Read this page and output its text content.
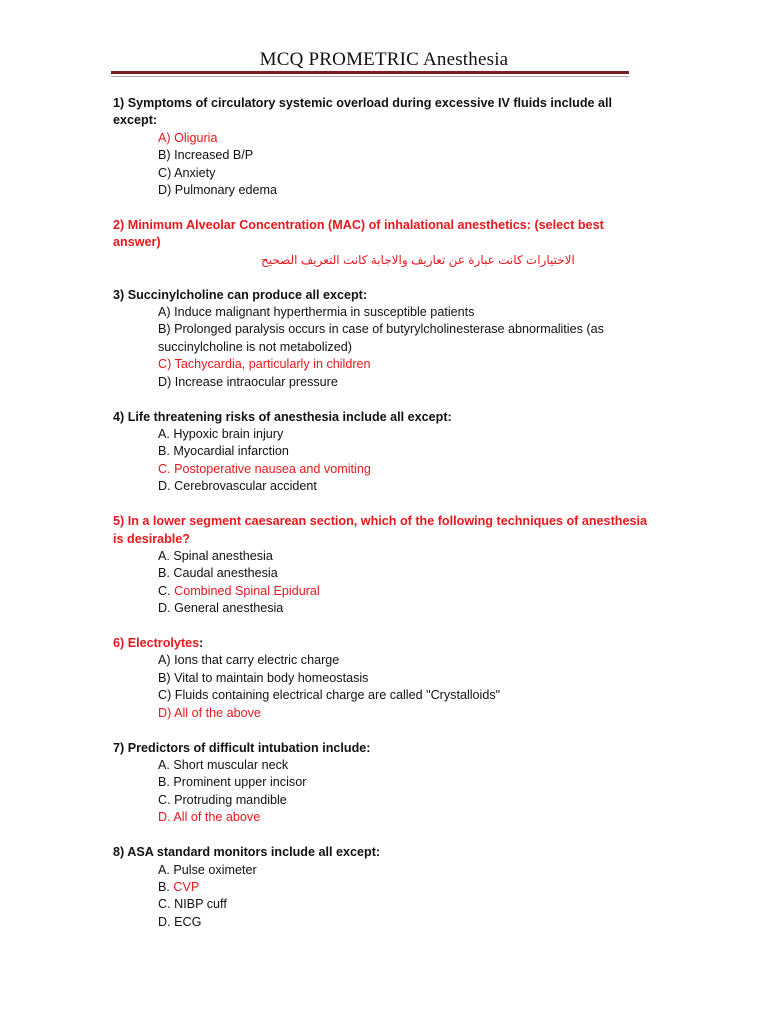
MCQ PROMETRIC Anesthesia
1) Symptoms of circulatory systemic overload during excessive IV fluids include all except:
A) Oliguria
B) Increased B/P
C) Anxiety
D) Pulmonary edema
2) Minimum Alveolar Concentration (MAC) of inhalational anesthetics: (select best answer)
الاختيارات كانت عبارة عن تعاريف والاجابة كانت التعريف الصحيح
3) Succinylcholine can produce all except:
A) Induce malignant hyperthermia in susceptible patients
B) Prolonged paralysis occurs in case of butyrylcholinesterase abnormalities (as succinylcholine is not metabolized)
C) Tachycardia, particularly in children
D) Increase intraocular pressure
4) Life threatening risks of anesthesia include all except:
A. Hypoxic brain injury
B. Myocardial infarction
C. Postoperative nausea and vomiting
D. Cerebrovascular accident
5) In a lower segment caesarean section, which of the following techniques of anesthesia is desirable?
A. Spinal anesthesia
B. Caudal anesthesia
C. Combined Spinal Epidural
D. General anesthesia
6) Electrolytes:
A) Ions that carry electric charge
B) Vital to maintain body homeostasis
C) Fluids containing electrical charge are called "Crystalloids"
D) All of the above
7) Predictors of difficult intubation include:
A. Short muscular neck
B. Prominent upper incisor
C. Protruding mandible
D. All of the above
8) ASA standard monitors include all except:
A. Pulse oximeter
B. CVP
C. NIBP cuff
D. ECG
